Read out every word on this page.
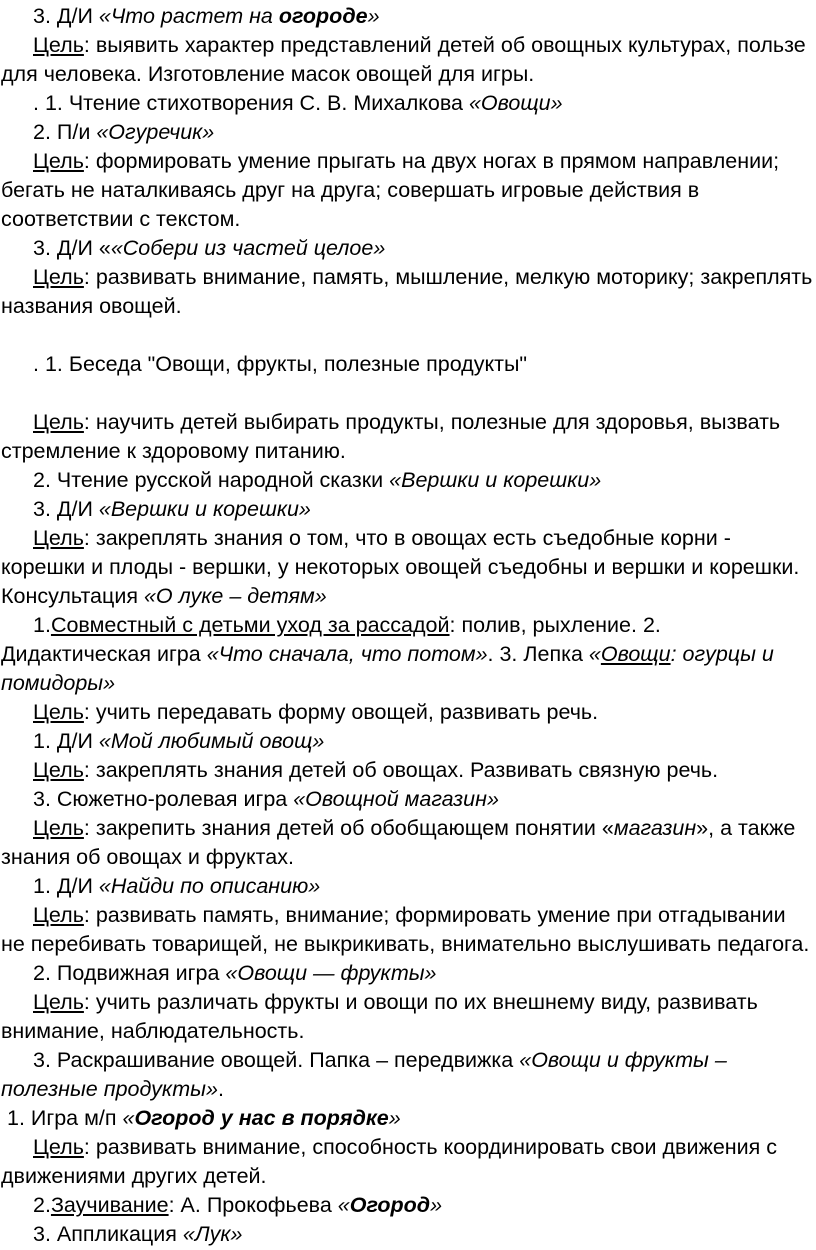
3. Д/И «Что растет на огороде»

Цель: выявить характер представлений детей об овощных культурах, пользе для человека. Изготовление масок овощей для игры.

. 1. Чтение стихотворения С. В. Михалкова «Овощи»

2. П/и «Огуречик»

Цель: формировать умение прыгать на двух ногах в прямом направлении; бегать не наталкиваясь друг на друга; совершать игровые действия в соответствии с текстом.

3. Д/И ««Собери из частей целое»

Цель: развивать внимание, память, мышление, мелкую моторику; закреплять названия овощей.

. 1. Беседа "Овощи, фрукты, полезные продукты"

Цель: научить детей выбирать продукты, полезные для здоровья, вызвать стремление к здоровому питанию.

2. Чтение русской народной сказки «Вершки и корешки»

3. Д/И «Вершки и корешки»

Цель: закреплять знания о том, что в овощах есть съедобные корни - корешки и плоды - вершки, у некоторых овощей съедобны и вершки и корешки. Консультация «О луке – детям»

1.Совместный с детьми уход за рассадой: полив, рыхление. 2. Дидактическая игра «Что сначала, что потом». 3. Лепка «Овощи: огурцы и помидоры»

Цель: учить передавать форму овощей, развивать речь.

1. Д/И «Мой любимый овощ»

Цель: закреплять знания детей об овощах. Развивать связную речь.

3. Сюжетно-ролевая игра «Овощной магазин»

Цель: закрепить знания детей об обобщающем понятии «магазин», а также знания об овощах и фруктах.

1. Д/И «Найди по описанию»

Цель: развивать память, внимание; формировать умение при отгадывании не перебивать товарищей, не выкрикивать, внимательно выслушивать педагога.

2. Подвижная игра «Овощи — фрукты»

Цель: учить различать фрукты и овощи по их внешнему виду, развивать внимание, наблюдательность.

3. Раскрашивание овощей. Папка – передвижка «Овощи и фрукты – полезные продукты».

1. Игра м/п «Огород у нас в порядке»

Цель: развивать внимание, способность координировать свои движения с движениями других детей.

2.Заучивание: А. Прокофьева «Огород»

3. Аппликация «Лук»
